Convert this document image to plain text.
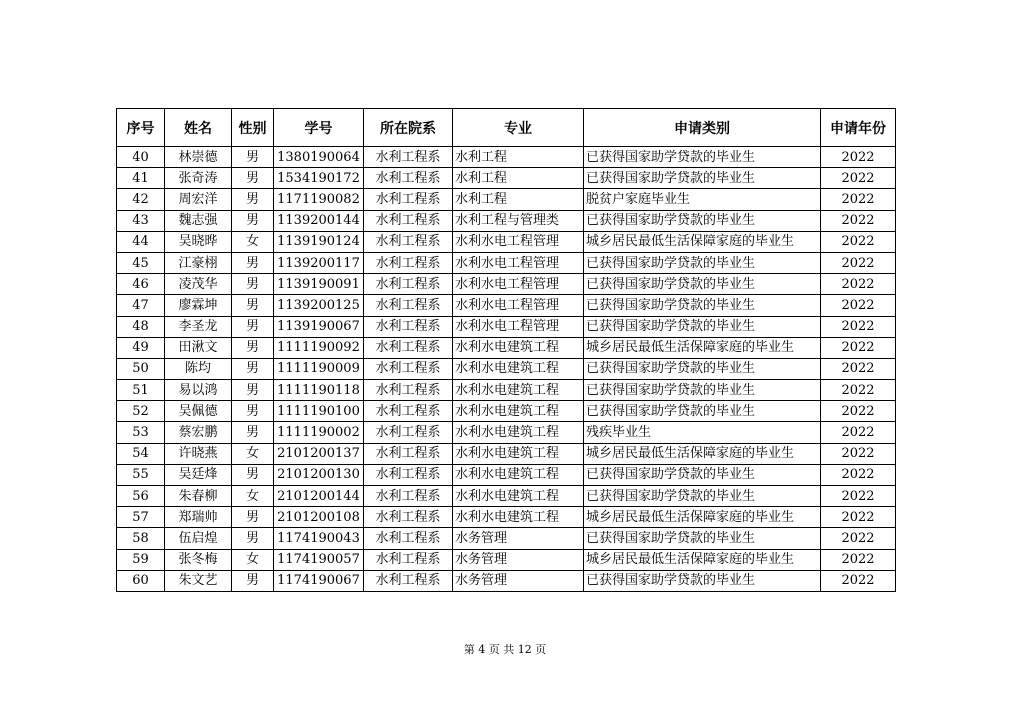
序号	姓名	性别	学号	所在院系	专业	申请类别	申请年份
40	林崇德	男	1380190064	水利工程系	水利工程	已获得国家助学贷款的毕业生	2022
41	张奇涛	男	1534190172	水利工程系	水利工程	已获得国家助学贷款的毕业生	2022
42	周宏洋	男	1171190082	水利工程系	水利工程	脱贫户家庭毕业生	2022
43	魏志强	男	1139200144	水利工程系	水利工程与管理类	已获得国家助学贷款的毕业生	2022
44	吴晓晔	女	1139190124	水利工程系	水利水电工程管理	城乡居民最低生活保障家庭的毕业生	2022
45	江豪栩	男	1139200117	水利工程系	水利水电工程管理	已获得国家助学贷款的毕业生	2022
46	凌茂华	男	1139190091	水利工程系	水利水电工程管理	已获得国家助学贷款的毕业生	2022
47	廖霖坤	男	1139200125	水利工程系	水利水电工程管理	已获得国家助学贷款的毕业生	2022
48	李圣龙	男	1139190067	水利工程系	水利水电工程管理	已获得国家助学贷款的毕业生	2022
49	田湫文	男	1111190092	水利工程系	水利水电建筑工程	城乡居民最低生活保障家庭的毕业生	2022
50	陈均	男	1111190009	水利工程系	水利水电建筑工程	已获得国家助学贷款的毕业生	2022
51	易以鸿	男	1111190118	水利工程系	水利水电建筑工程	已获得国家助学贷款的毕业生	2022
52	吴佩德	男	1111190100	水利工程系	水利水电建筑工程	已获得国家助学贷款的毕业生	2022
53	蔡宏鹏	男	1111190002	水利工程系	水利水电建筑工程	残疾毕业生	2022
54	许晓燕	女	2101200137	水利工程系	水利水电建筑工程	城乡居民最低生活保障家庭的毕业生	2022
55	吴廷烽	男	2101200130	水利工程系	水利水电建筑工程	已获得国家助学贷款的毕业生	2022
56	朱春柳	女	2101200144	水利工程系	水利水电建筑工程	已获得国家助学贷款的毕业生	2022
57	郑瑞帅	男	2101200108	水利工程系	水利水电建筑工程	城乡居民最低生活保障家庭的毕业生	2022
58	伍启煌	男	1174190043	水利工程系	水务管理	已获得国家助学贷款的毕业生	2022
59	张冬梅	女	1174190057	水利工程系	水务管理	城乡居民最低生活保障家庭的毕业生	2022
60	朱文艺	男	1174190067	水利工程系	水务管理	已获得国家助学贷款的毕业生	2022
第 4 页 共 12 页
